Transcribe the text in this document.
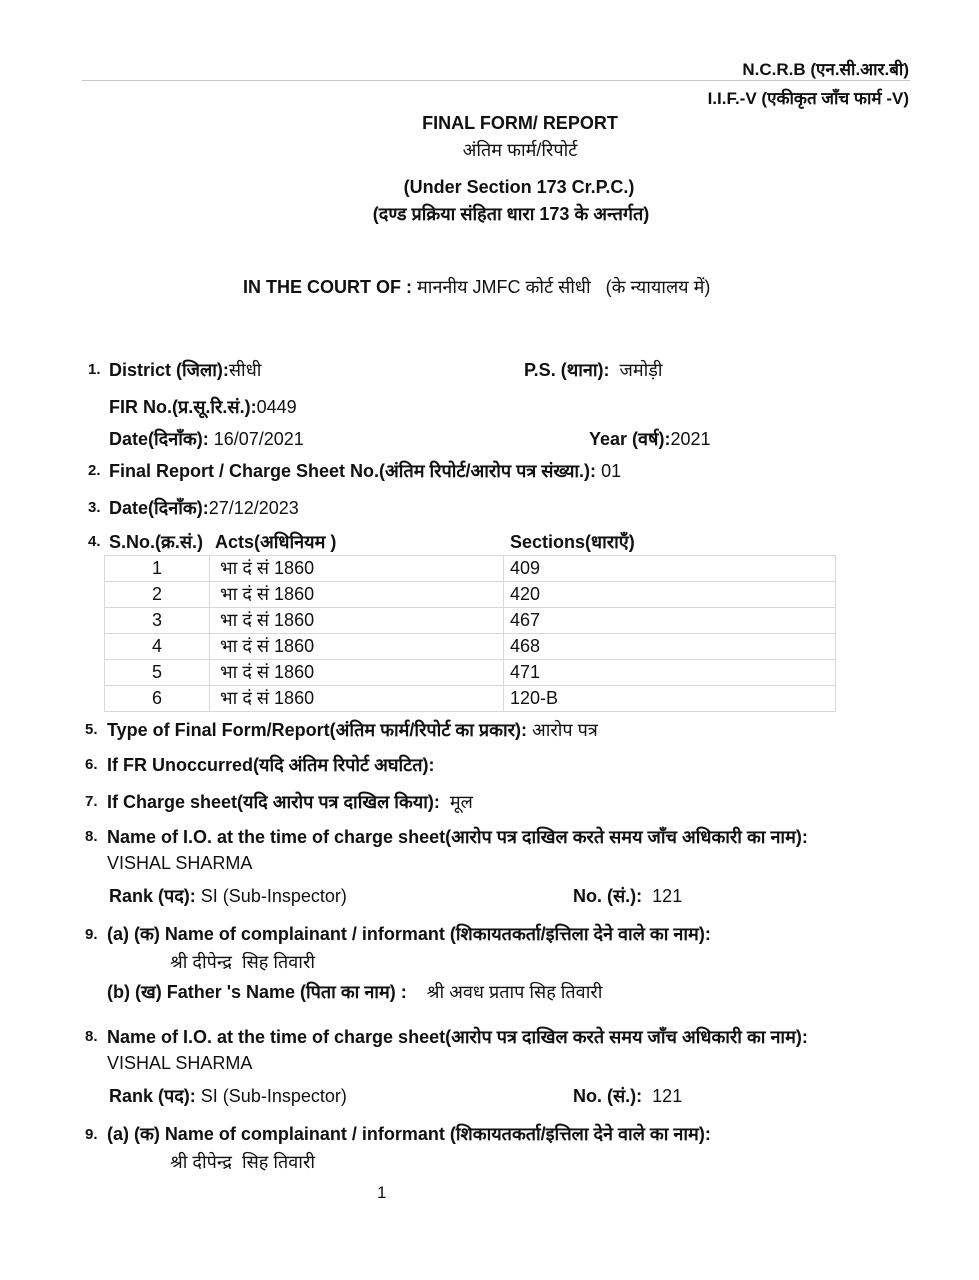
N.C.R.B (एन.सी.आर.बी)
I.I.F.-V (एकीकृत जाँच फार्म -V)
FINAL FORM/ REPORT
अंतिम फार्म/रिपोर्ट
(Under Section 173 Cr.P.C.)
(दण्ड प्रक्रिया संहिता धारा 173 के अन्तर्गत)
IN THE COURT OF : माननीय JMFC कोर्ट सीधी   (के न्यायालय में)
1. District (जिला):सीधी	P.S. (थाना): जमोड़ी
FIR No.(प्र.सू.रि.सं.):0449
Date(दिनाँक): 16/07/2021	Year (वर्ष):2021
2. Final Report / Charge Sheet No.(अंतिम रिपोर्ट/आरोप पत्र संख्या.): 01
3. Date(दिनाँक):27/12/2023
4. S.No.(क्र.सं.) Acts(अधिनियम )	Sections(धाराएँ)
1	भा दं सं 1860	409
2	भा दं सं 1860	420
3	भा दं सं 1860	467
4	भा दं सं 1860	468
5	भा दं सं 1860	471
6	भा दं सं 1860	120-B
5. Type of Final Form/Report(अंतिम फार्म/रिपोर्ट का प्रकार): आरोप पत्र
6. If FR Unoccurred(यदि अंतिम रिपोर्ट अघटित):
7. If Charge sheet(यदि आरोप पत्र दाखिल किया): मूल
8. Name of I.O. at the time of charge sheet(आरोप पत्र दाखिल करते समय जाँच अधिकारी का नाम):
VISHAL SHARMA
Rank (पद): SI (Sub-Inspector)	No. (सं.): 121
9. (a) (क) Name of complainant / informant (शिकायतकर्ता/इत्तिला देने वाले का नाम):
श्री दीपेन्द्र  सिह तिवारी
(b) (ख) Father 's Name (पिता का नाम) : श्री अवध प्रताप सिह तिवारी
8. Name of I.O. at the time of charge sheet(आरोप पत्र दाखिल करते समय जाँच अधिकारी का नाम):
VISHAL SHARMA
Rank (पद): SI (Sub-Inspector)	No. (सं.): 121
9. (a) (क) Name of complainant / informant (शिकायतकर्ता/इत्तिला देने वाले का नाम):
श्री दीपेन्द्र  सिह तिवारी
1
